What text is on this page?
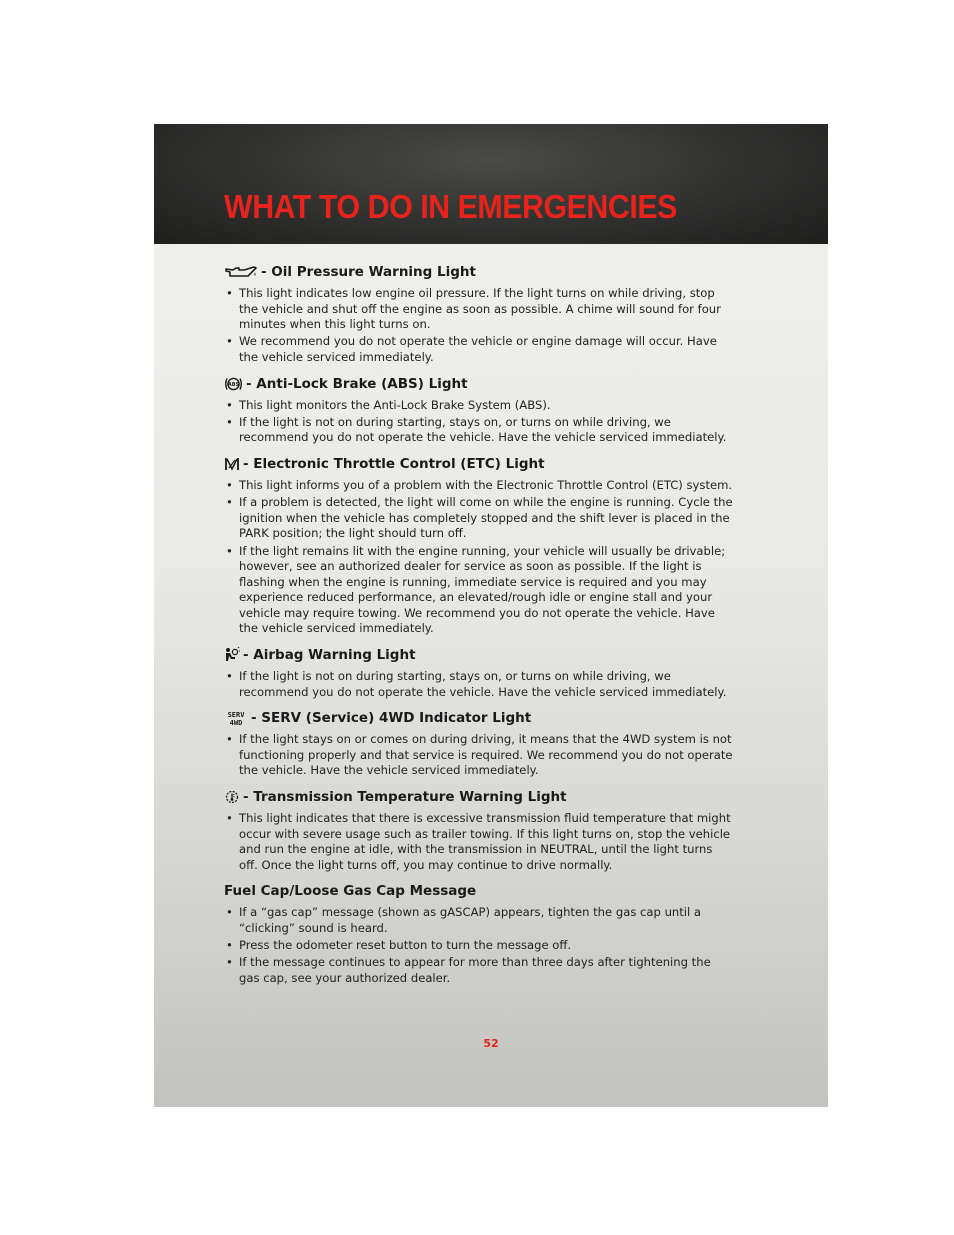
WHAT TO DO IN EMERGENCIES
- Oil Pressure Warning Light
• This light indicates low engine oil pressure. If the light turns on while driving, stop the vehicle and shut off the engine as soon as possible. A chime will sound for four minutes when this light turns on.
• We recommend you do not operate the vehicle or engine damage will occur. Have the vehicle serviced immediately.
ABS - Anti-Lock Brake (ABS) Light
• This light monitors the Anti-Lock Brake System (ABS).
• If the light is not on during starting, stays on, or turns on while driving, we recommend you do not operate the vehicle. Have the vehicle serviced immediately.
- Electronic Throttle Control (ETC) Light
• This light informs you of a problem with the Electronic Throttle Control (ETC) system.
• If a problem is detected, the light will come on while the engine is running. Cycle the ignition when the vehicle has completely stopped and the shift lever is placed in the PARK position; the light should turn off.
• If the light remains lit with the engine running, your vehicle will usually be drivable; however, see an authorized dealer for service as soon as possible. If the light is flashing when the engine is running, immediate service is required and you may experience reduced performance, an elevated/rough idle or engine stall and your vehicle may require towing. We recommend you do not operate the vehicle. Have the vehicle serviced immediately.
- Airbag Warning Light
• If the light is not on during starting, stays on, or turns on while driving, we recommend you do not operate the vehicle. Have the vehicle serviced immediately.
SERV
4WD - SERV (Service) 4WD Indicator Light
• If the light stays on or comes on during driving, it means that the 4WD system is not functioning properly and that service is required. We recommend you do not operate the vehicle. Have the vehicle serviced immediately.
- Transmission Temperature Warning Light
• This light indicates that there is excessive transmission fluid temperature that might occur with severe usage such as trailer towing. If this light turns on, stop the vehicle and run the engine at idle, with the transmission in NEUTRAL, until the light turns off. Once the light turns off, you may continue to drive normally.
Fuel Cap/Loose Gas Cap Message
• If a “gas cap” message (shown as gASCAP) appears, tighten the gas cap until a “clicking” sound is heard.
• Press the odometer reset button to turn the message off.
• If the message continues to appear for more than three days after tightening the gas cap, see your authorized dealer.
52
